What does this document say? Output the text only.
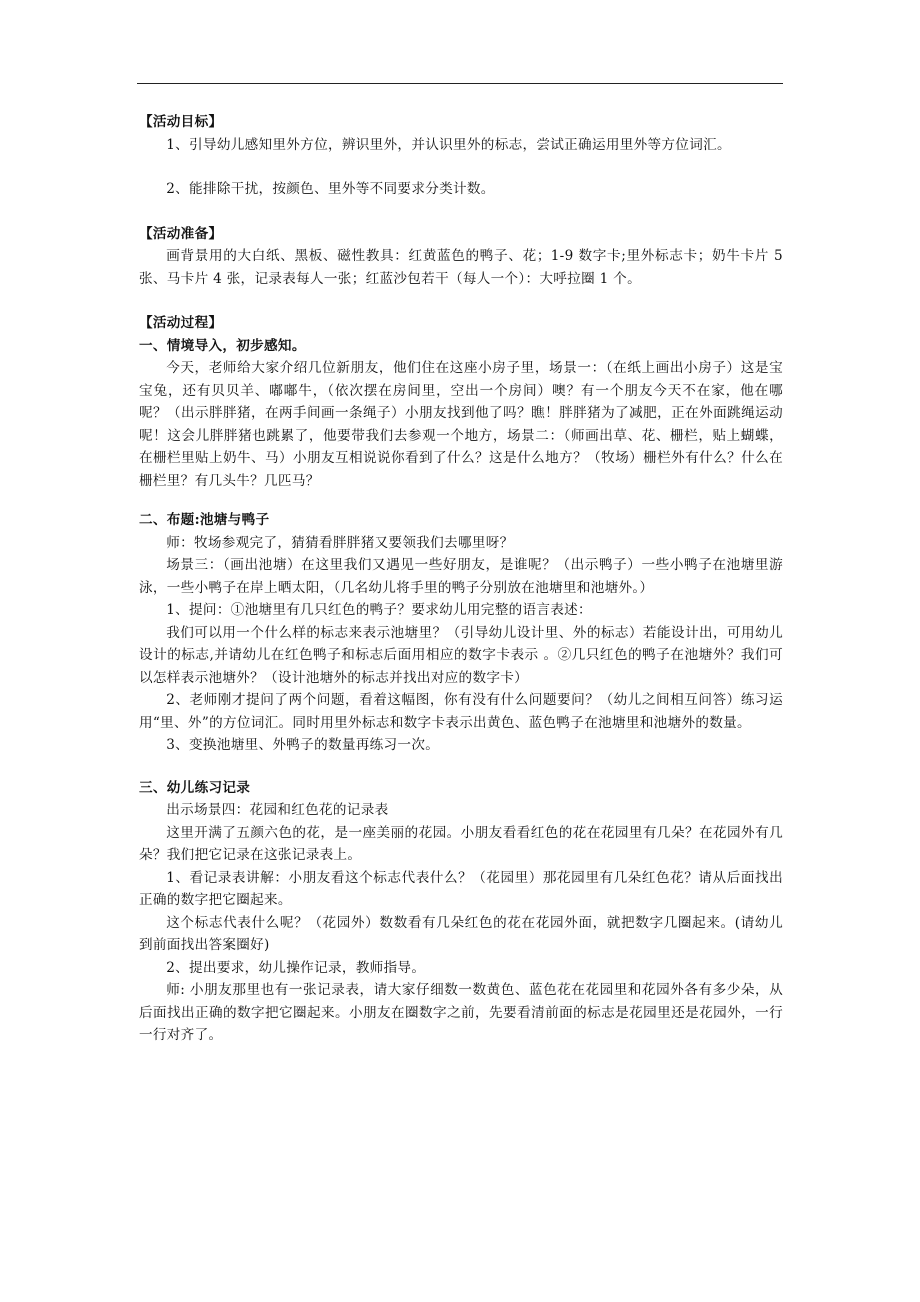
【活动目标】

1、引导幼儿感知里外方位，辨识里外，并认识里外的标志，尝试正确运用里外等方位词汇。

2、能排除干扰，按颜色、里外等不同要求分类计数。

【活动准备】

画背景用的大白纸、黑板、磁性教具：红黄蓝色的鸭子、花；1-9 数字卡;里外标志卡；奶牛卡片 5 张、马卡片 4 张，记录表每人一张；红蓝沙包若干（每人一个）：大呼拉圈 1 个。

【活动过程】

一、情境导入，初步感知。

今天，老师给大家介绍几位新朋友，他们住在这座小房子里，场景一：（在纸上画出小房子）这是宝宝兔，还有贝贝羊、嘟嘟牛，（依次摆在房间里，空出一个房间）噢？有一个朋友今天不在家，他在哪呢？（出示胖胖猪，在两手间画一条绳子）小朋友找到他了吗？瞧！胖胖猪为了减肥，正在外面跳绳运动呢！这会儿胖胖猪也跳累了，他要带我们去参观一个地方，场景二：（师画出草、花、栅栏，贴上蝴蝶，在栅栏里贴上奶牛、马）小朋友互相说说你看到了什么？这是什么地方？（牧场）栅栏外有什么？什么在栅栏里？有几头牛？几匹马？

二、布题:池塘与鸭子

师：牧场参观完了，猜猜看胖胖猪又要领我们去哪里呀？

场景三：（画出池塘）在这里我们又遇见一些好朋友，是谁呢？（出示鸭子）一些小鸭子在池塘里游泳，一些小鸭子在岸上晒太阳，（几名幼儿将手里的鸭子分别放在池塘里和池塘外。）

1、提问：①池塘里有几只红色的鸭子？要求幼儿用完整的语言表述：

我们可以用一个什么样的标志来表示池塘里？（引导幼儿设计里、外的标志）若能设计出，可用幼儿设计的标志,并请幼儿在红色鸭子和标志后面用相应的数字卡表示 。②几只红色的鸭子在池塘外？我们可以怎样表示池塘外？（设计池塘外的标志并找出对应的数字卡）

2、老师刚才提问了两个问题，看着这幅图，你有没有什么问题要问？（幼儿之间相互问答）练习运用“里、外”的方位词汇。同时用里外标志和数字卡表示出黄色、蓝色鸭子在池塘里和池塘外的数量。

3、变换池塘里、外鸭子的数量再练习一次。

三、幼儿练习记录

出示场景四：花园和红色花的记录表

这里开满了五颜六色的花，是一座美丽的花园。小朋友看看红色的花在花园里有几朵？在花园外有几朵？我们把它记录在这张记录表上。

1、看记录表讲解：小朋友看这个标志代表什么？（花园里）那花园里有几朵红色花？请从后面找出正确的数字把它圈起来。

这个标志代表什么呢？（花园外）数数看有几朵红色的花在花园外面，就把数字几圈起来。(请幼儿到前面找出答案圈好)

2、提出要求，幼儿操作记录，教师指导。

师: 小朋友那里也有一张记录表，请大家仔细数一数黄色、蓝色花在花园里和花园外各有多少朵，从后面找出正确的数字把它圈起来。小朋友在圈数字之前，先要看清前面的标志是花园里还是花园外，一行一行对齐了。
